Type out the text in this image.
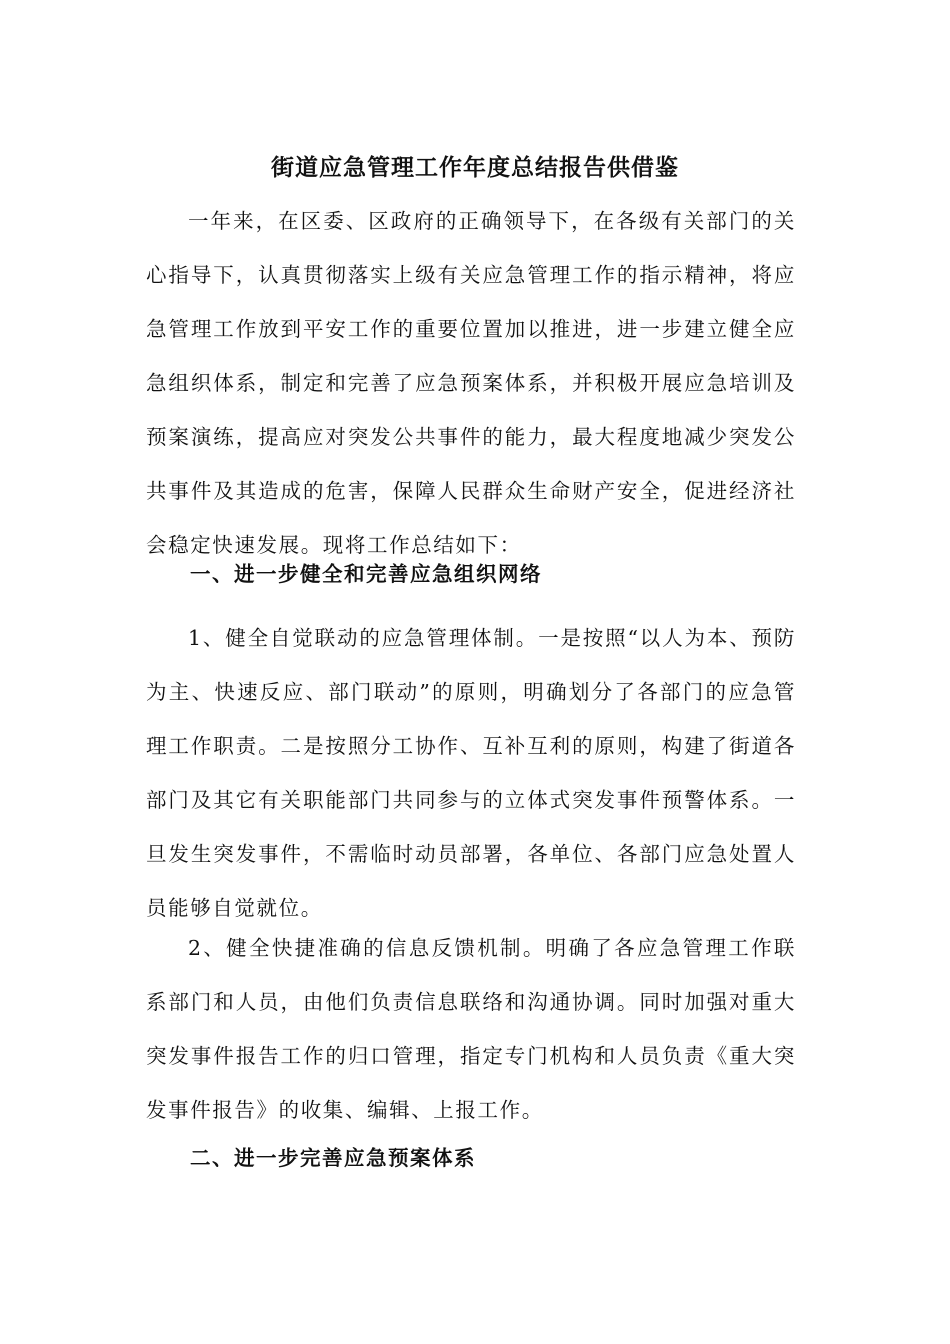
街道应急管理工作年度总结报告供借鉴

一年来，在区委、区政府的正确领导下，在各级有关部门的关心指导下，认真贯彻落实上级有关应急管理工作的指示精神，将应急管理工作放到平安工作的重要位置加以推进，进一步建立健全应急组织体系，制定和完善了应急预案体系，并积极开展应急培训及预案演练，提高应对突发公共事件的能力，最大程度地减少突发公共事件及其造成的危害，保障人民群众生命财产安全，促进经济社会稳定快速发展。现将工作总结如下：

一、进一步健全和完善应急组织网络

1、健全自觉联动的应急管理体制。一是按照“以人为本、预防为主、快速反应、部门联动”的原则，明确划分了各部门的应急管理工作职责。二是按照分工协作、互补互利的原则，构建了街道各部门及其它有关职能部门共同参与的立体式突发事件预警体系。一旦发生突发事件，不需临时动员部署，各单位、各部门应急处置人员能够自觉就位。

2、健全快捷准确的信息反馈机制。明确了各应急管理工作联系部门和人员，由他们负责信息联络和沟通协调。同时加强对重大突发事件报告工作的归口管理，指定专门机构和人员负责《重大突发事件报告》的收集、编辑、上报工作。

二、进一步完善应急预案体系
